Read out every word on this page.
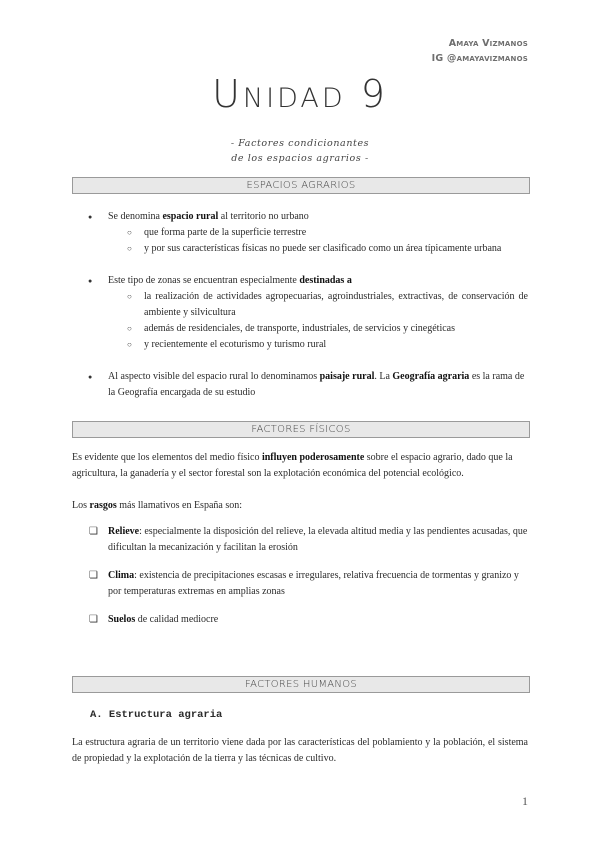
Amaya Vizmanos
IG @amayavizmanos
Unidad 9
- Factores condicionantes
de los espacios agrarios -
ESPACIOS AGRARIOS
● Se denomina espacio rural al territorio no urbano
○ que forma parte de la superficie terrestre
○ y por sus características físicas no puede ser clasificado como un área típicamente urbana
● Este tipo de zonas se encuentran especialmente destinadas a
○ la realización de actividades agropecuarias, agroindustriales, extractivas, de conservación de ambiente y silvicultura
○ además de residenciales, de transporte, industriales, de servicios y cinegéticas
○ y recientemente el ecoturismo y turismo rural
● Al aspecto visible del espacio rural lo denominamos paisaje rural. La Geografía agraria es la rama de la Geografía encargada de su estudio
FACTORES FÍSICOS
Es evidente que los elementos del medio físico influyen poderosamente sobre el espacio agrario, dado que la agricultura, la ganadería y el sector forestal son la explotación económica del potencial ecológico.
Los rasgos más llamativos en España son:
❏ Relieve: especialmente la disposición del relieve, la elevada altitud media y las pendientes acusadas, que dificultan la mecanización y facilitan la erosión
❏ Clima: existencia de precipitaciones escasas e irregulares, relativa frecuencia de tormentas y granizo y por temperaturas extremas en amplias zonas
❏ Suelos de calidad mediocre
FACTORES HUMANOS
A. Estructura agraria
La estructura agraria de un territorio viene dada por las características del poblamiento y la población, el sistema de propiedad y la explotación de la tierra y las técnicas de cultivo.
1
